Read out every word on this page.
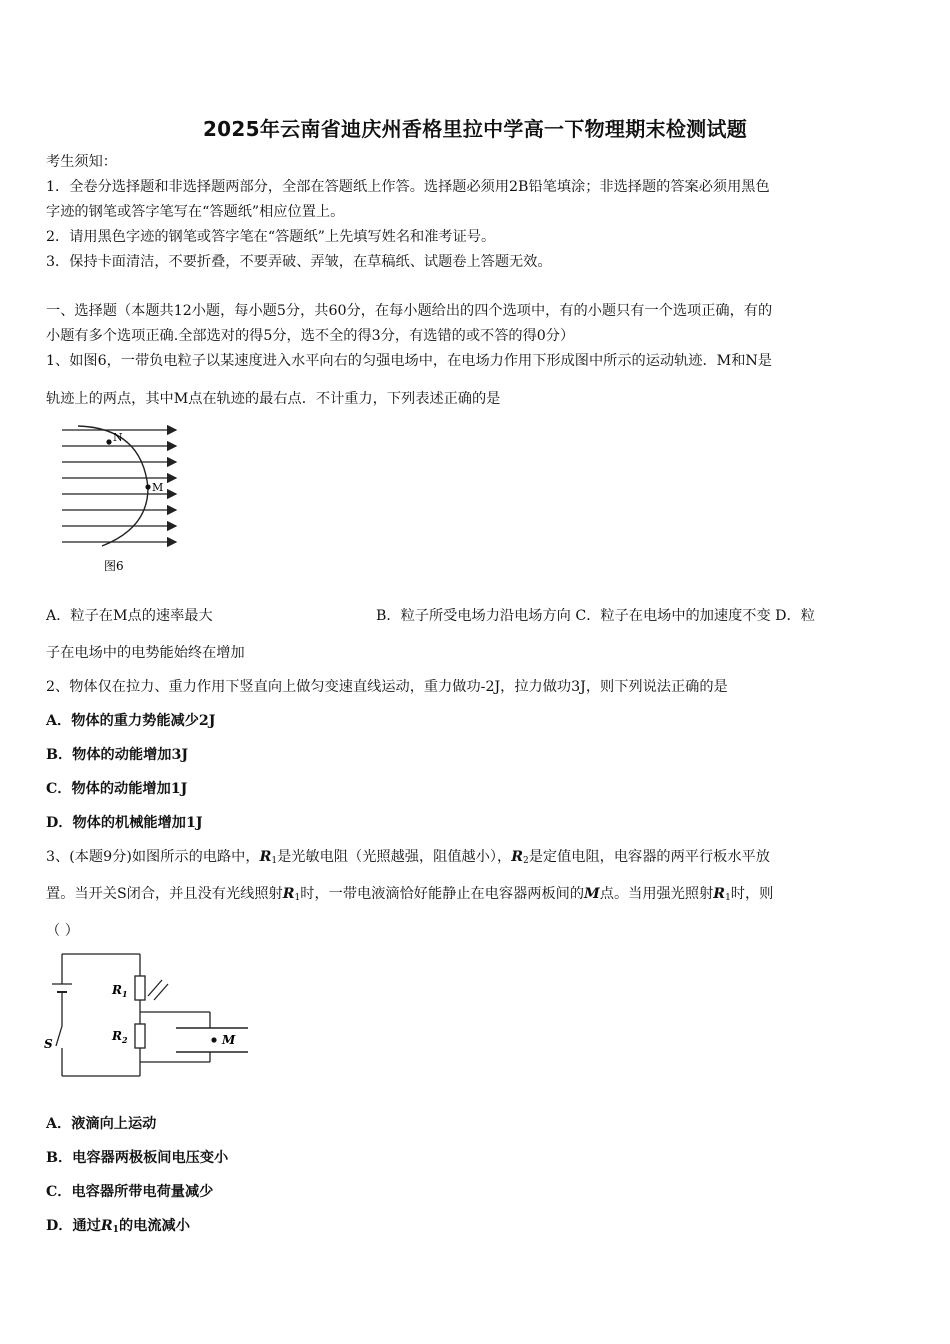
2025年云南省迪庆州香格里拉中学高一下物理期末检测试题
考生须知：
1．全卷分选择题和非选择题两部分，全部在答题纸上作答。选择题必须用2B铅笔填涂；非选择题的答案必须用黑色
字迹的钢笔或答字笔写在“答题纸”相应位置上。
2．请用黑色字迹的钢笔或答字笔在“答题纸”上先填写姓名和准考证号。
3．保持卡面清洁，不要折叠，不要弄破、弄皱，在草稿纸、试题卷上答题无效。
一、选择题（本题共12小题，每小题5分，共60分，在每小题给出的四个选项中，有的小题只有一个选项正确，有的
小题有多个选项正确.全部选对的得5分，选不全的得3分，有选错的或不答的得0分）
1、如图6，一带负电粒子以某速度进入水平向右的匀强电场中，在电场力作用下形成图中所示的运动轨迹．M和N是
轨迹上的两点，其中M点在轨迹的最右点．不计重力，下列表述正确的是
N
M
图6
A．粒子在M点的速率最大	B．粒子所受电场力沿电场方向 C．粒子在电场中的加速度不变 D．粒
子在电场中的电势能始终在增加
2、物体仅在拉力、重力作用下竖直向上做匀变速直线运动，重力做功-2J，拉力做功3J，则下列说法正确的是
A．物体的重力势能减少2J
B．物体的动能增加3J
C．物体的动能增加1J
D．物体的机械能增加1J
3、(本题9分)如图所示的电路中，$R_1$是光敏电阻（光照越强，阻值越小），$R_2$是定值电阻，电容器的两平行板水平放
置。当开关S闭合，并且没有光线照射$R_1$时，一带电液滴恰好能静止在电容器两板间的M点。当用强光照射$R_1$时，则
（ ）
$R_1$
$R_2$
S	M
A．液滴向上运动
B．电容器两极板间电压变小
C．电容器所带电荷量减少
D．通过$R_1$的电流减小
